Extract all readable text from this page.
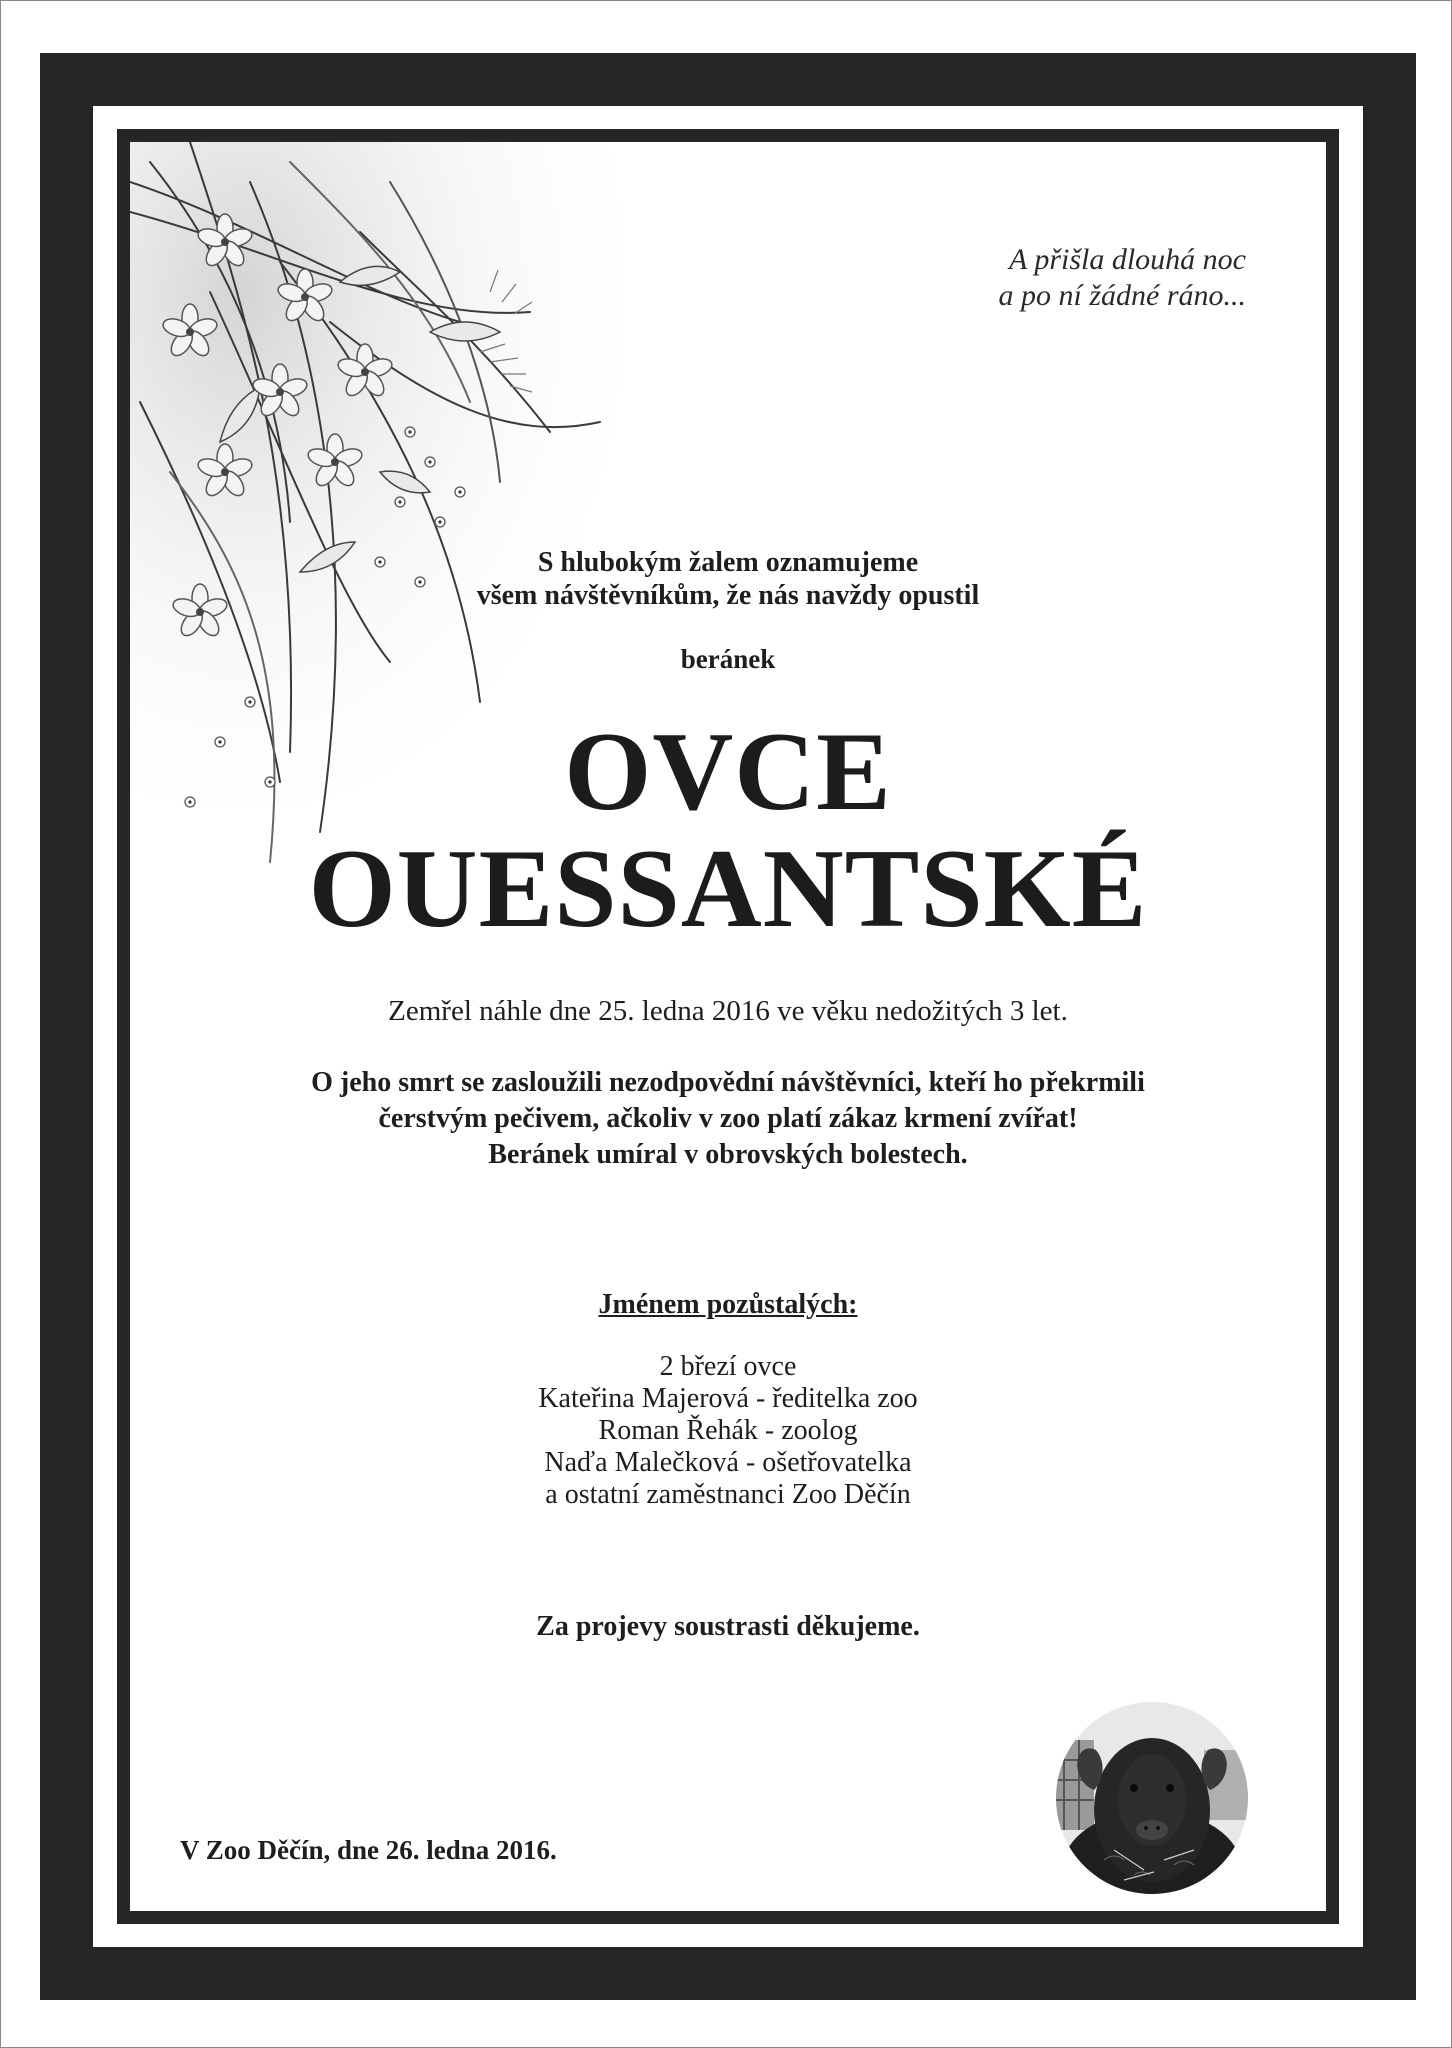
A přišla dlouhá noc
a po ní žádné ráno...
S hlubokým žalem oznamujeme
všem návštěvníkům, že nás navždy opustil
beránek
OVCE
OUESSANTSKÉ
Zemřel náhle dne 25. ledna 2016 ve věku nedožitých 3 let.
O jeho smrt se zasloužili nezodpovědní návštěvníci, kteří ho překrmili
čerstvým pečivem, ačkoliv v zoo platí zákaz krmení zvířat!
Beránek umíral v obrovských bolestech.
Jménem pozůstalých:
2 březí ovce
Kateřina Majerová - ředitelka zoo
Roman Řehák - zoolog
Naďa Malečková - ošetřovatelka
a ostatní zaměstnanci Zoo Děčín
Za projevy soustrasti děkujeme.
V Zoo Děčín, dne 26. ledna 2016.
